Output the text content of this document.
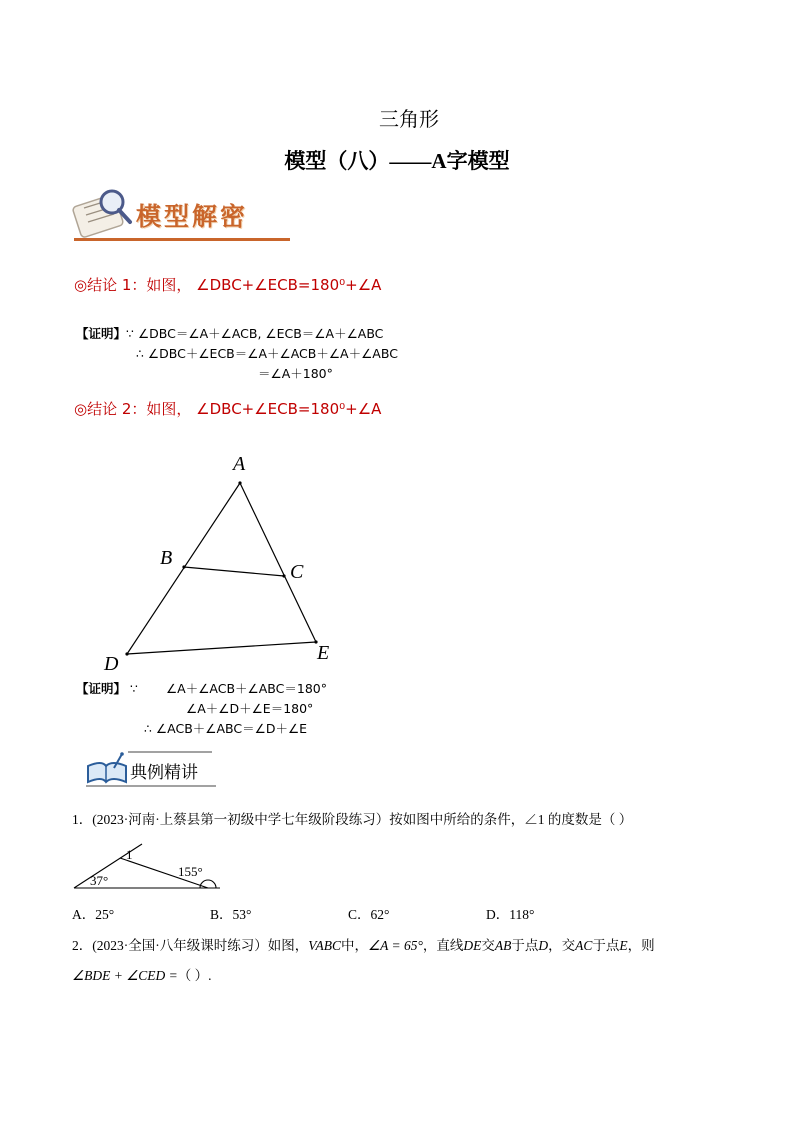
三角形
模型（八）——A字模型
模型解密
◎结论 1：如图， ∠DBC+∠ECB=180⁰+∠A
【证明】∵ ∠DBC＝∠A＋∠ACB, ∠ECB＝∠A＋∠ABC
∴ ∠DBC＋∠ECB＝∠A＋∠ACB＋∠A＋∠ABC
＝∠A＋180°
◎结论 2：如图， ∠DBC+∠ECB=180⁰+∠A
A
B
C
D	E
【证明】 ∵ ∠A＋∠ACB＋∠ABC＝180°
∠A＋∠D＋∠E＝180°
∴ ∠ACB＋∠ABC＝∠D＋∠E
典例精讲
1．(2023·河南·上蔡县第一初级中学七年级阶段练习）按如图中所给的条件，∠1 的度数是（ ）
1
37°
155°
A．25°	B．53°	C．62°	D．118°
2．(2023·全国·八年级课时练习）如图，VABC中，∠A = 65°，直线DE交AB于点D，交AC于点E，则
∠BDE + ∠CED =（ ）.
